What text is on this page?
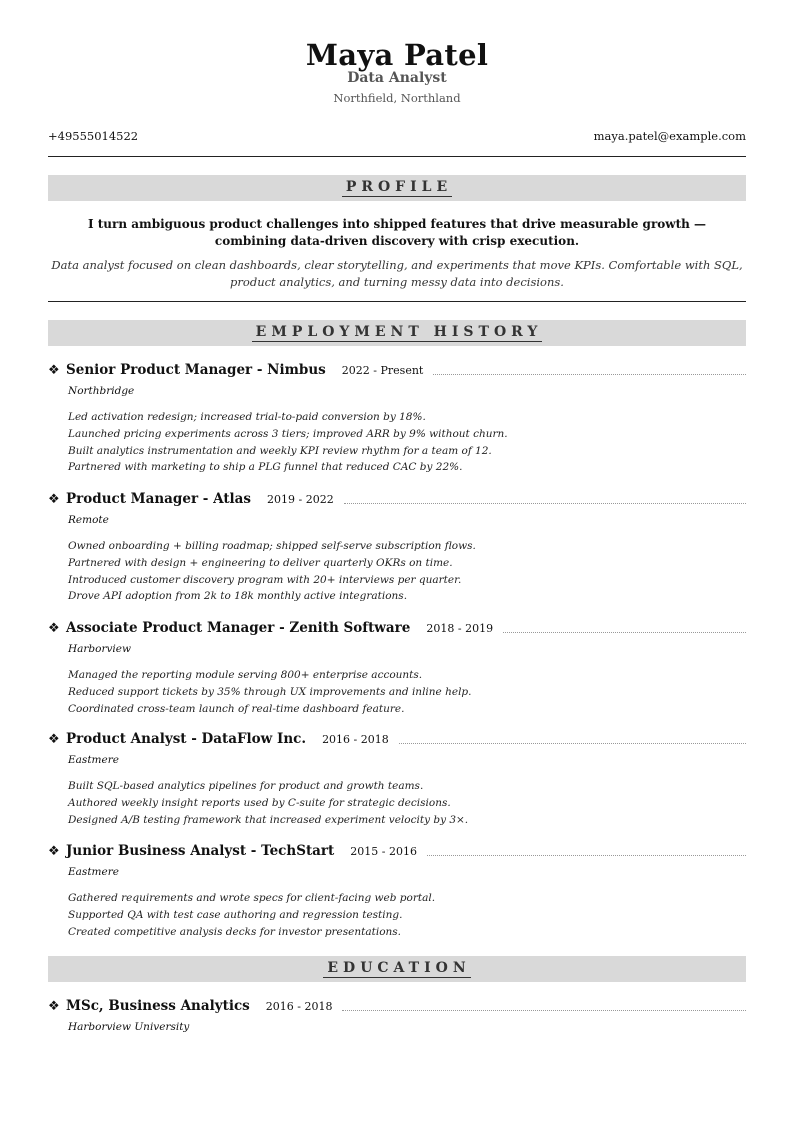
Maya Patel
Data Analyst
Northfield, Northland
+49555014522	maya.patel@example.com
PROFILE
I turn ambiguous product challenges into shipped features that drive measurable growth — combining data-driven discovery with crisp execution.
Data analyst focused on clean dashboards, clear storytelling, and experiments that move KPIs. Comfortable with SQL, product analytics, and turning messy data into decisions.
EMPLOYMENT HISTORY
❖ Senior Product Manager - Nimbus 2022 - Present
Northbridge
Led activation redesign; increased trial-to-paid conversion by 18%.
Launched pricing experiments across 3 tiers; improved ARR by 9% without churn.
Built analytics instrumentation and weekly KPI review rhythm for a team of 12.
Partnered with marketing to ship a PLG funnel that reduced CAC by 22%.
❖ Product Manager - Atlas 2019 - 2022
Remote
Owned onboarding + billing roadmap; shipped self-serve subscription flows.
Partnered with design + engineering to deliver quarterly OKRs on time.
Introduced customer discovery program with 20+ interviews per quarter.
Drove API adoption from 2k to 18k monthly active integrations.
❖ Associate Product Manager - Zenith Software 2018 - 2019
Harborview
Managed the reporting module serving 800+ enterprise accounts.
Reduced support tickets by 35% through UX improvements and inline help.
Coordinated cross-team launch of real-time dashboard feature.
❖ Product Analyst - DataFlow Inc. 2016 - 2018
Eastmere
Built SQL-based analytics pipelines for product and growth teams.
Authored weekly insight reports used by C-suite for strategic decisions.
Designed A/B testing framework that increased experiment velocity by 3×.
❖ Junior Business Analyst - TechStart 2015 - 2016
Eastmere
Gathered requirements and wrote specs for client-facing web portal.
Supported QA with test case authoring and regression testing.
Created competitive analysis decks for investor presentations.
EDUCATION
❖ MSc, Business Analytics 2016 - 2018
Harborview University
